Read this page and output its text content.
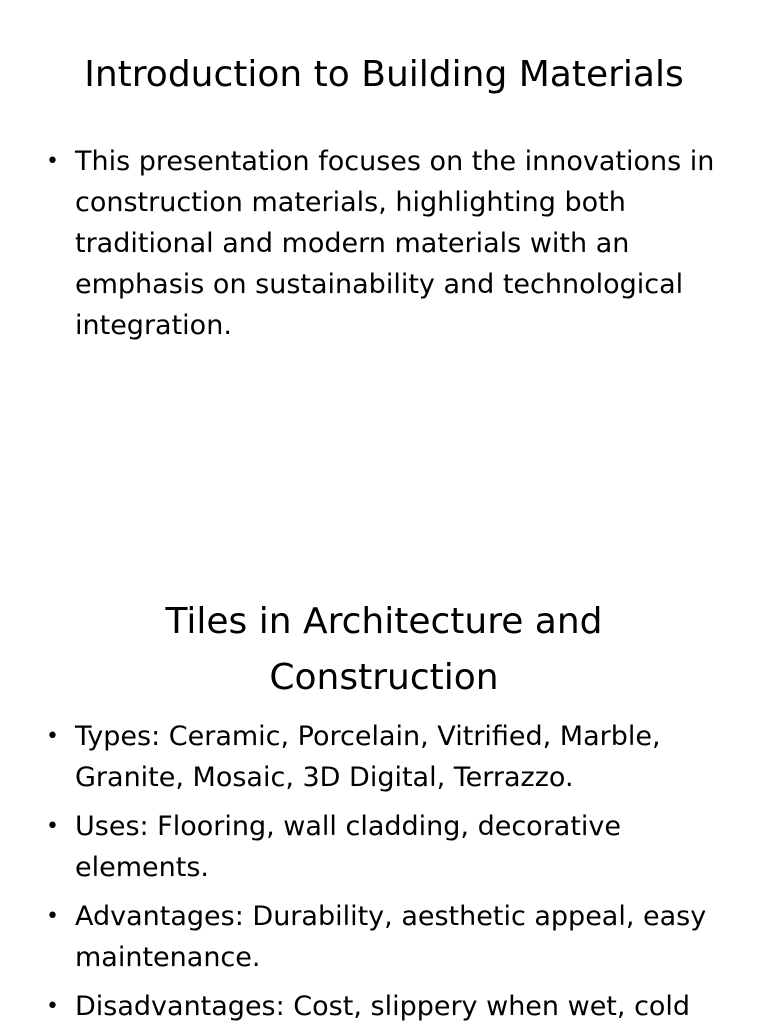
Introduction to Building Materials
• This presentation focuses on the innovations in construction materials, highlighting both traditional and modern materials with an emphasis on sustainability and technological integration.
Tiles in Architecture and
Construction
• Types: Ceramic, Porcelain, Vitrified, Marble, Granite, Mosaic, 3D Digital, Terrazzo.
• Uses: Flooring, wall cladding, decorative elements.
• Advantages: Durability, aesthetic appeal, easy maintenance.
• Disadvantages: Cost, slippery when wet, cold
